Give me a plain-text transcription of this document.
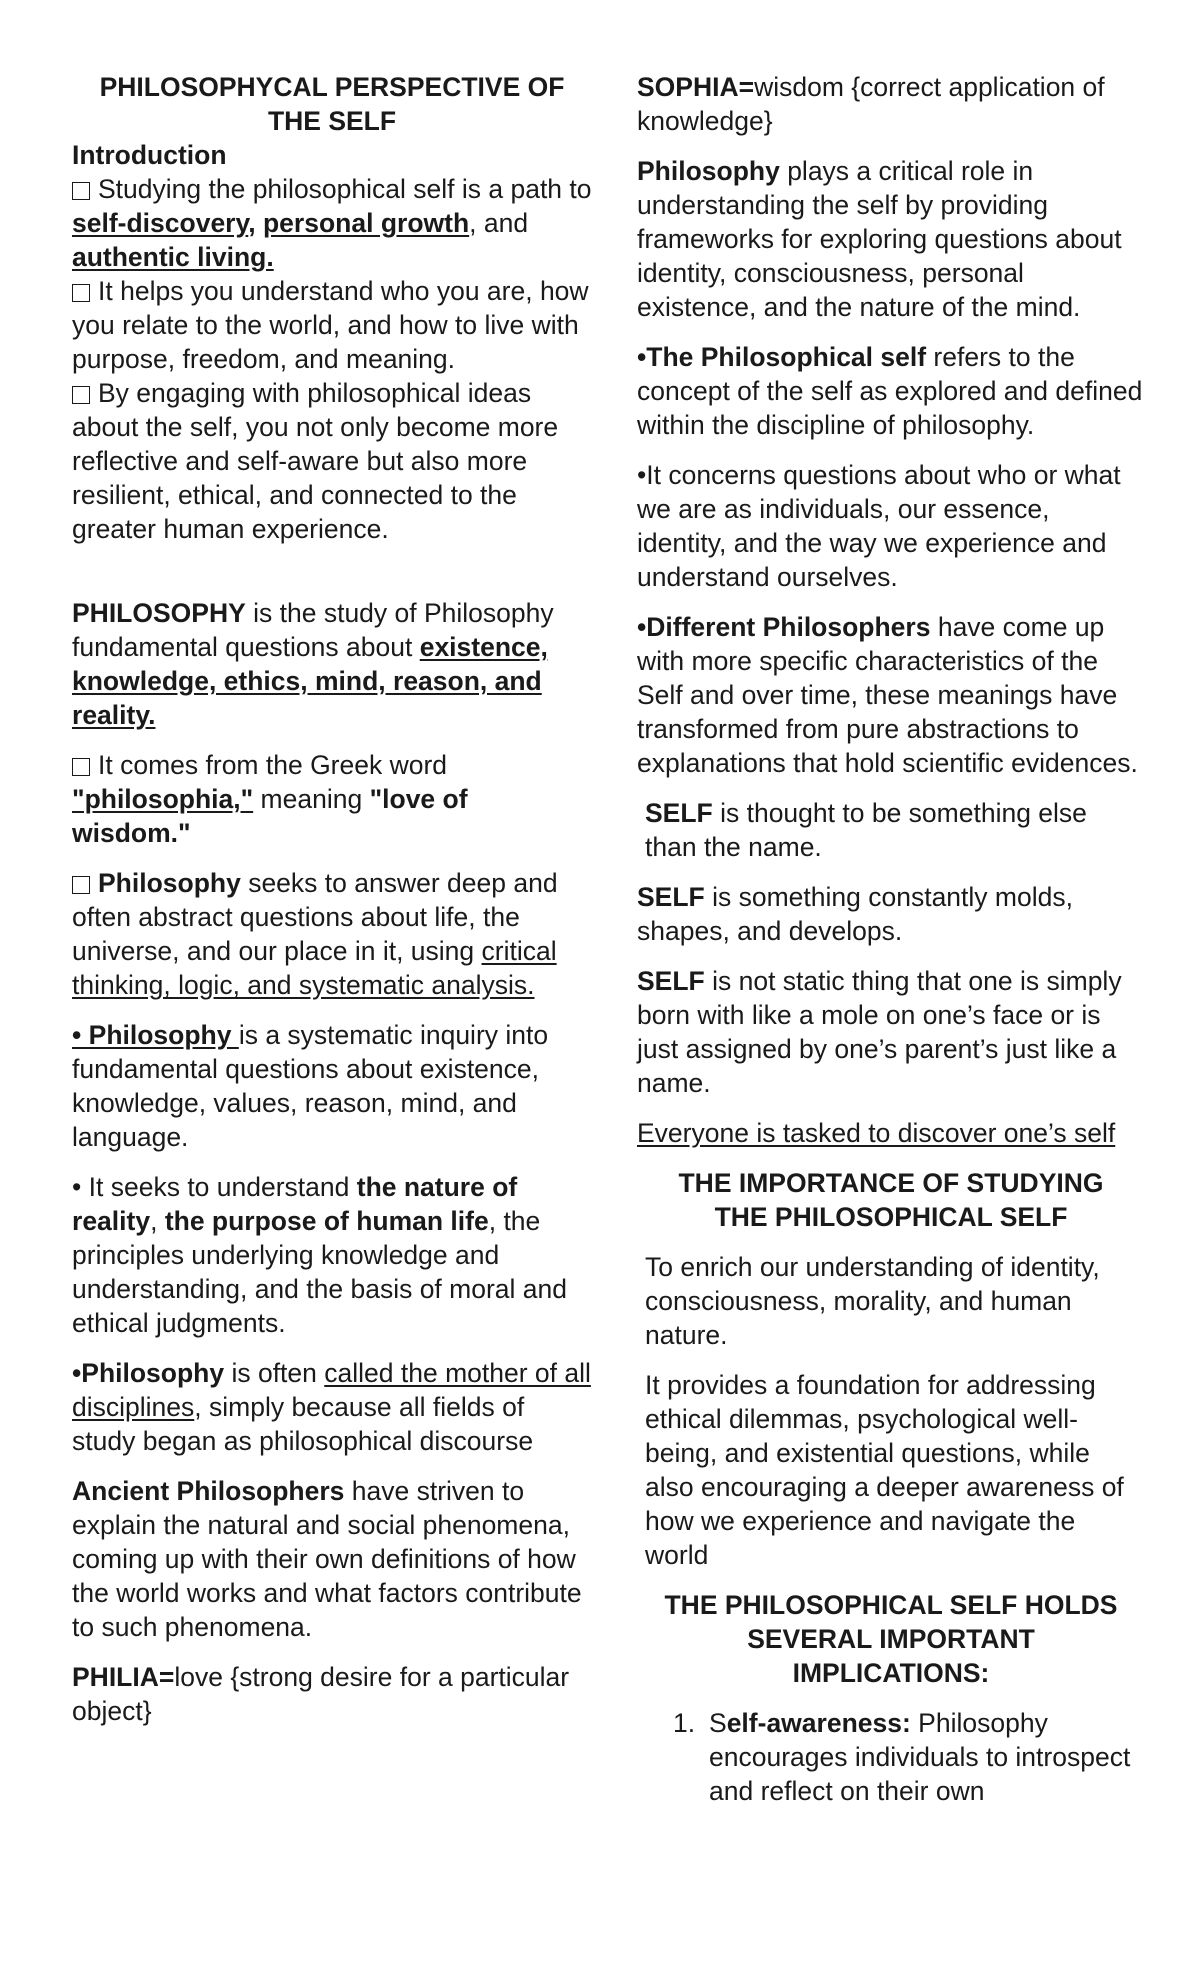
PHILOSOPHYCAL PERSPECTIVE OF
THE SELF

Introduction

Studying the philosophical self is a path to self-discovery, personal growth, and authentic living.

It helps you understand who you are, how you relate to the world, and how to live with purpose, freedom, and meaning.

By engaging with philosophical ideas about the self, you not only become more reflective and self-aware but also more resilient, ethical, and connected to the greater human experience.

PHILOSOPHY is the study of Philosophy fundamental questions about existence, knowledge, ethics, mind, reason, and reality.

It comes from the Greek word "philosophia," meaning "love of wisdom."

Philosophy seeks to answer deep and often abstract questions about life, the universe, and our place in it, using critical thinking, logic, and systematic analysis.

• Philosophy is a systematic inquiry into fundamental questions about existence, knowledge, values, reason, mind, and language.

• It seeks to understand the nature of reality, the purpose of human life, the principles underlying knowledge and understanding, and the basis of moral and ethical judgments.

•Philosophy is often called the mother of all disciplines, simply because all fields of study began as philosophical discourse

Ancient Philosophers have striven to explain the natural and social phenomena, coming up with their own definitions of how the world works and what factors contribute to such phenomena.

PHILIA=love {strong desire for a particular object}

SOPHIA=wisdom {correct application of knowledge}

Philosophy plays a critical role in understanding the self by providing frameworks for exploring questions about identity, consciousness, personal existence, and the nature of the mind.

•The Philosophical self refers to the concept of the self as explored and defined within the discipline of philosophy.

•It concerns questions about who or what we are as individuals, our essence, identity, and the way we experience and understand ourselves.

•Different Philosophers have come up with more specific characteristics of the Self and over time, these meanings have transformed from pure abstractions to explanations that hold scientific evidences.

SELF is thought to be something else than the name.

SELF is something constantly molds, shapes, and develops.

SELF is not static thing that one is simply born with like a mole on one’s face or is just assigned by one’s parent’s just like a name.

Everyone is tasked to discover one’s self

THE IMPORTANCE OF STUDYING THE PHILOSOPHICAL SELF

To enrich our understanding of identity, consciousness, morality, and human nature.

It provides a foundation for addressing ethical dilemmas, psychological well-being, and existential questions, while also encouraging a deeper awareness of how we experience and navigate the world

THE PHILOSOPHICAL SELF HOLDS SEVERAL IMPORTANT IMPLICATIONS:

1. Self-awareness: Philosophy encourages individuals to introspect and reflect on their own
